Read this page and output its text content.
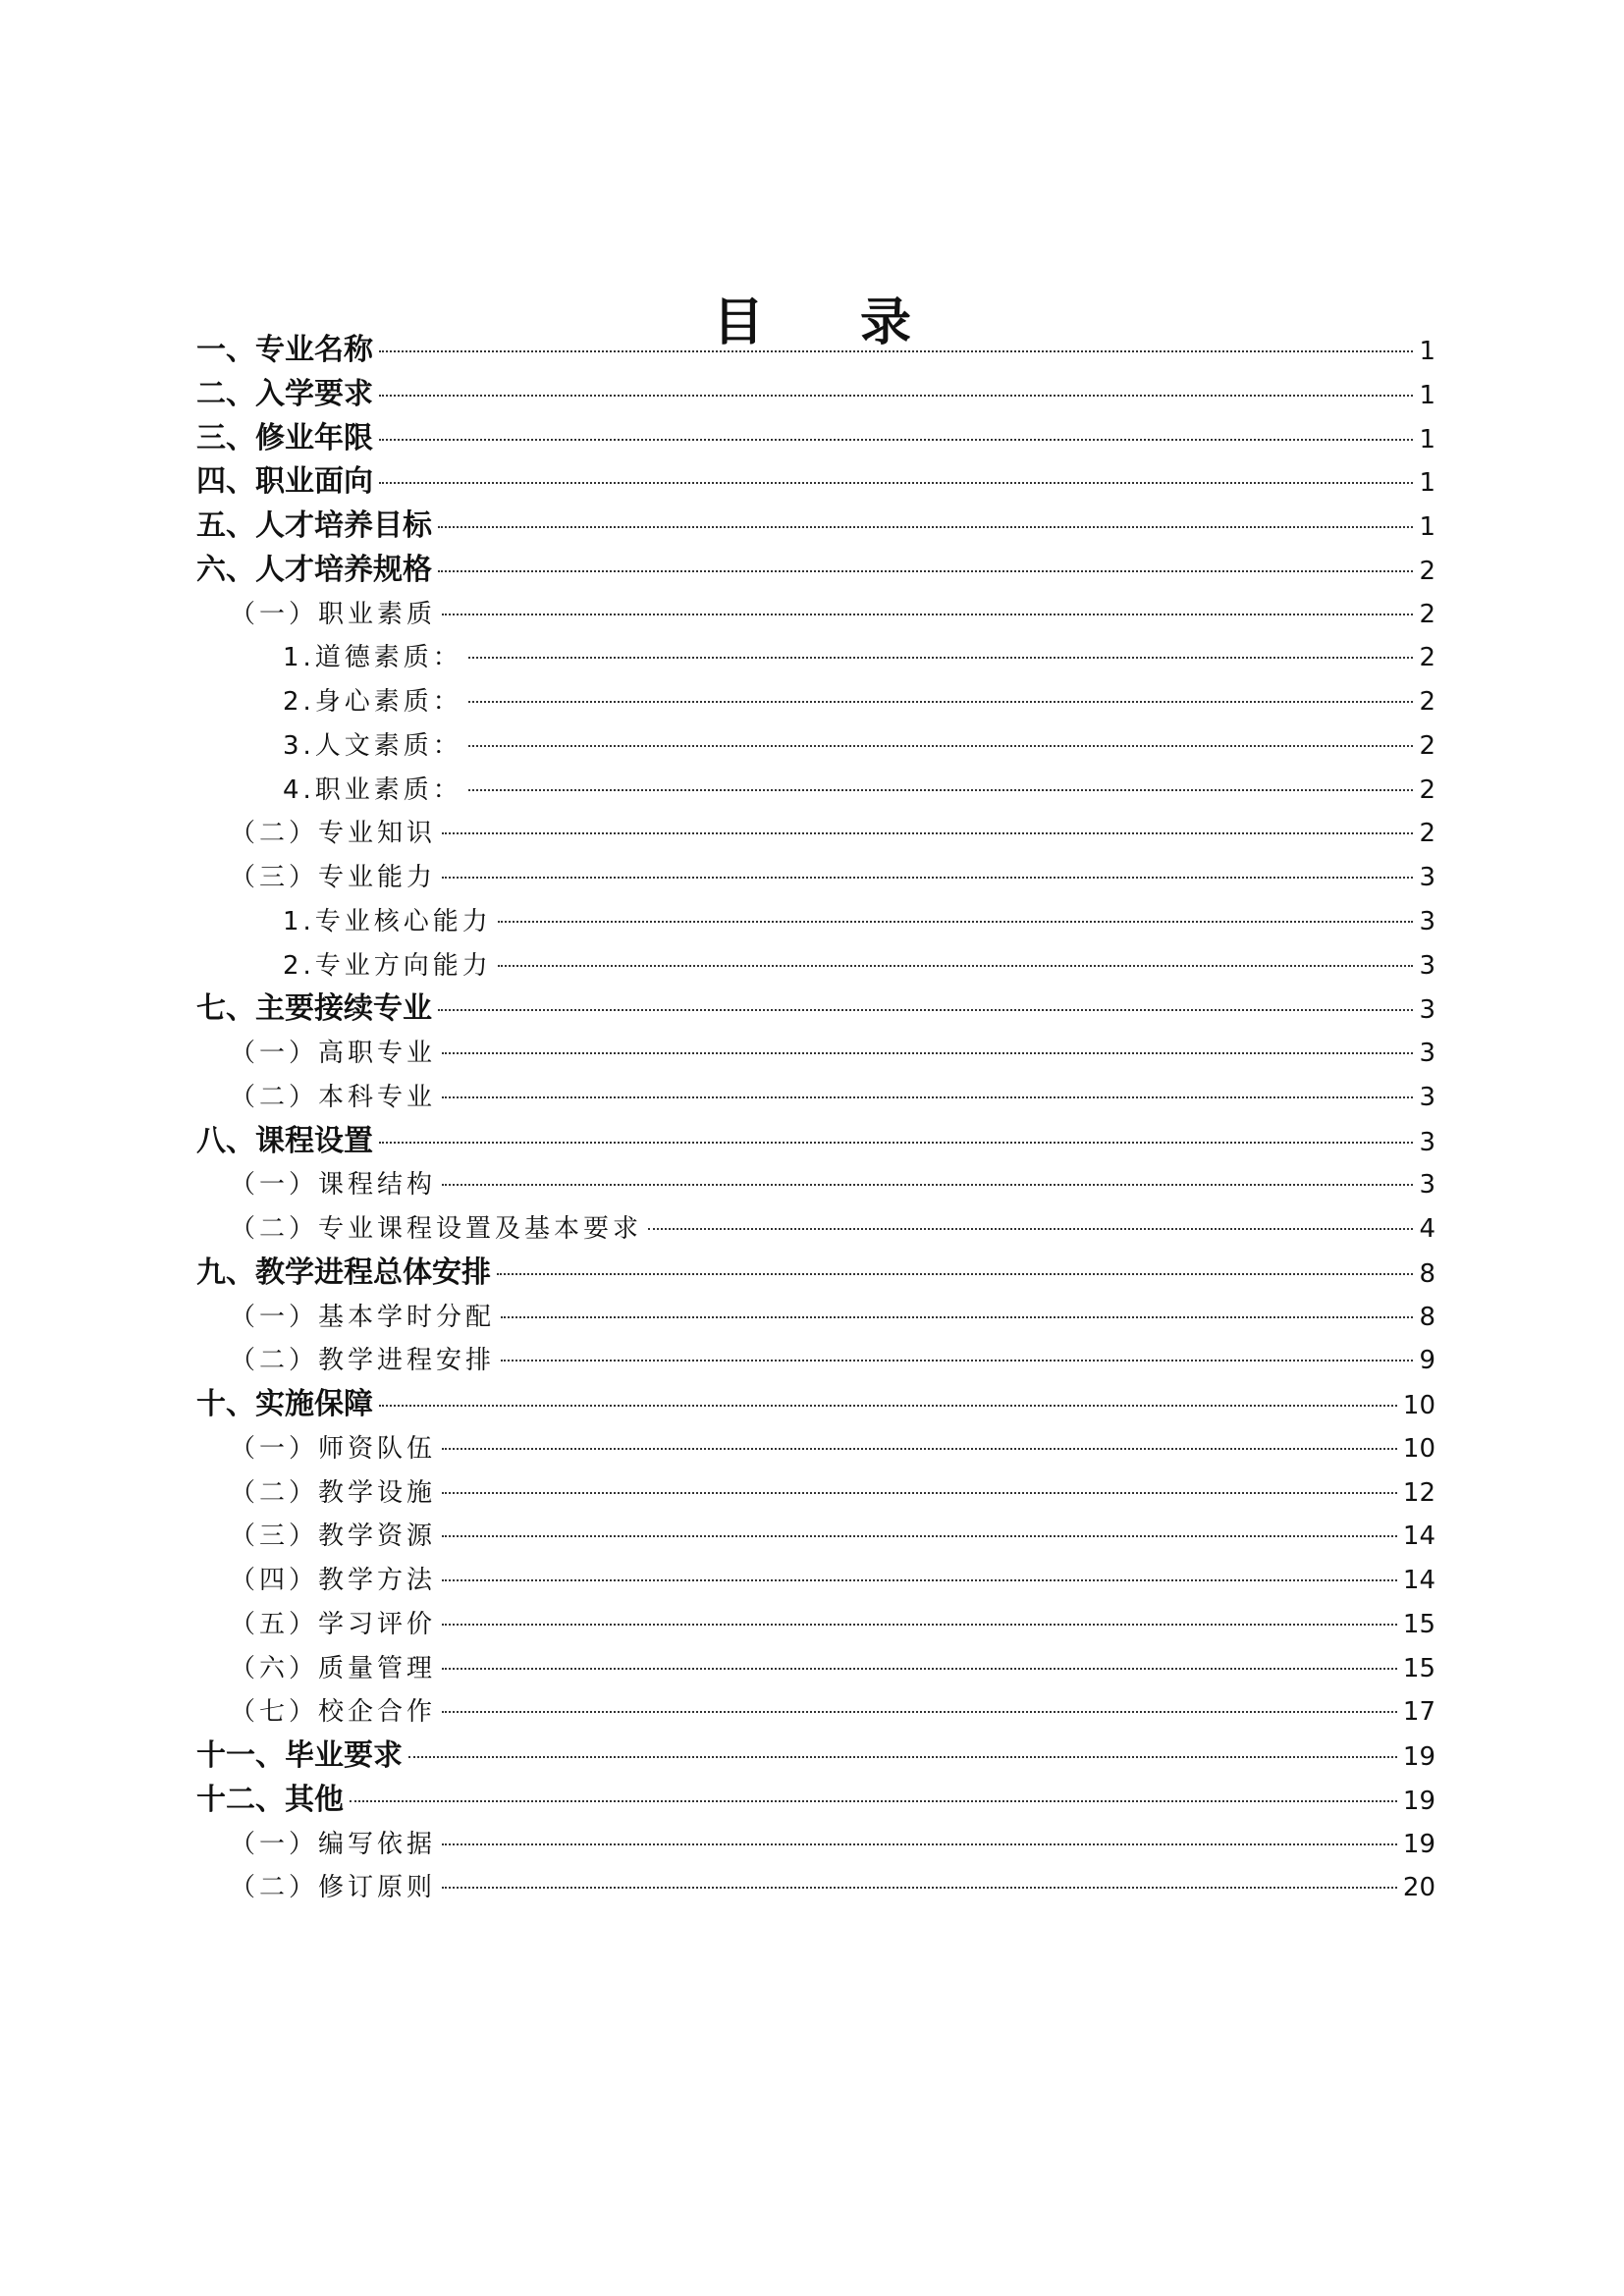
目 录
一、专业名称	1
二、入学要求	1
三、修业年限	1
四、职业面向	1
五、人才培养目标	1
六、人才培养规格	2
（一）职业素质	2
1.道德素质：	2
2.身心素质：	2
3.人文素质：	2
4.职业素质：	2
（二）专业知识	2
（三）专业能力	3
1.专业核心能力	3
2.专业方向能力	3
七、主要接续专业	3
（一）高职专业	3
（二）本科专业	3
八、课程设置	3
（一）课程结构	3
（二）专业课程设置及基本要求	4
九、教学进程总体安排	8
（一）基本学时分配	8
（二）教学进程安排	9
十、实施保障	10
（一）师资队伍	10
（二）教学设施	12
（三）教学资源	14
（四）教学方法	14
（五）学习评价	15
（六）质量管理	15
（七）校企合作	17
十一、毕业要求	19
十二、其他	19
（一）编写依据	19
（二）修订原则	20
